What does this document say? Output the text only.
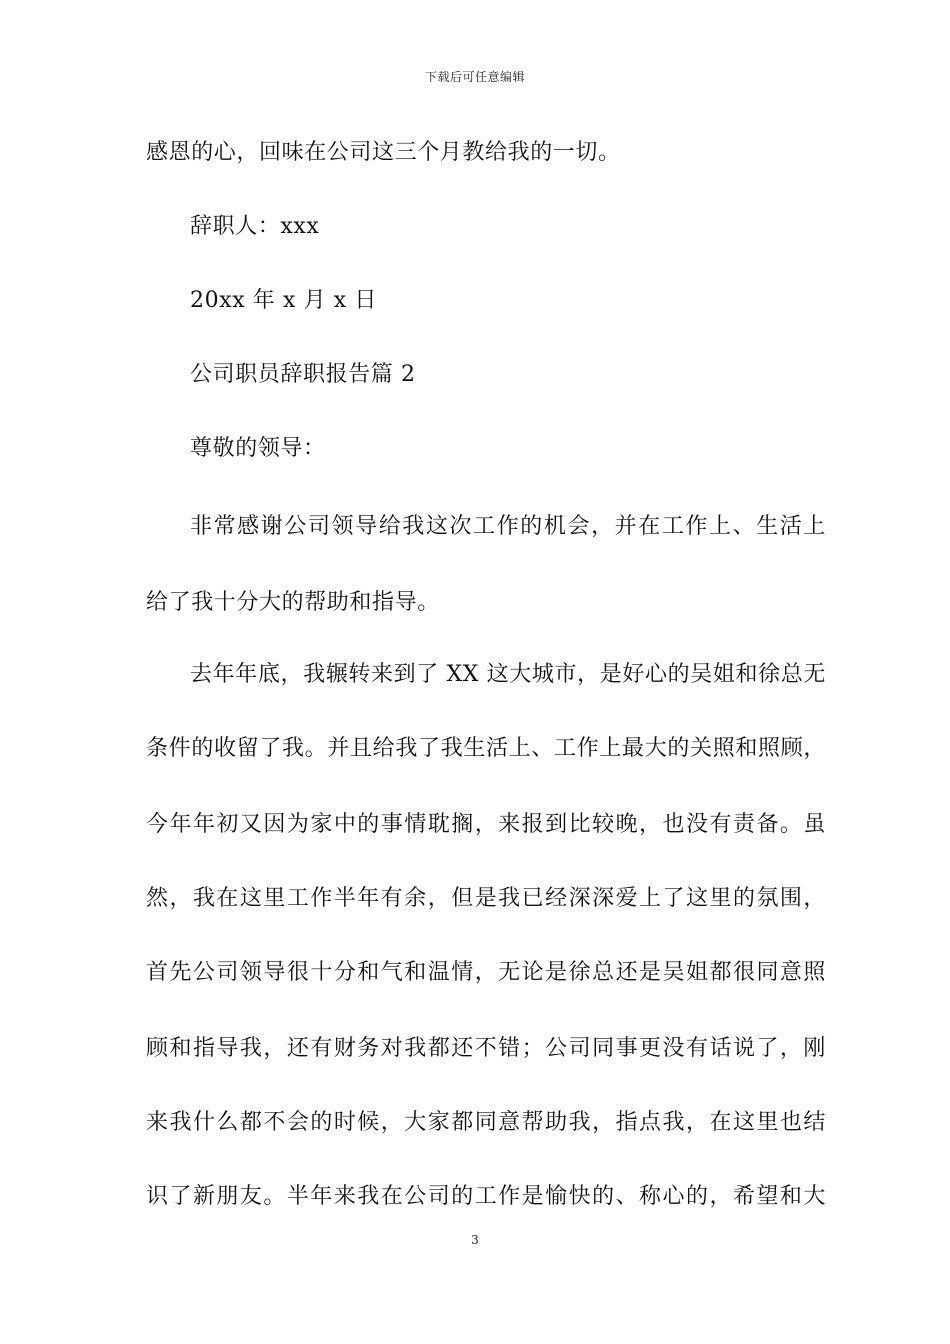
下载后可任意编辑
感恩的心，回味在公司这三个月教给我的一切。
辞职人：xxx
20xx 年 x 月 x 日
公司职员辞职报告篇 2
尊敬的领导：
非常感谢公司领导给我这次工作的机会，并在工作上、生活上
给了我十分大的帮助和指导。
去年年底，我辗转来到了 XX 这大城市，是好心的吴姐和徐总无
条件的收留了我。并且给我了我生活上、工作上最大的关照和照顾，
今年年初又因为家中的事情耽搁，来报到比较晚，也没有责备。虽
然，我在这里工作半年有余，但是我已经深深爱上了这里的氛围，
首先公司领导很十分和气和温情，无论是徐总还是吴姐都很同意照
顾和指导我，还有财务对我都还不错；公司同事更没有话说了，刚
来我什么都不会的时候，大家都同意帮助我，指点我，在这里也结
识了新朋友。半年来我在公司的工作是愉快的、称心的，希望和大
3
